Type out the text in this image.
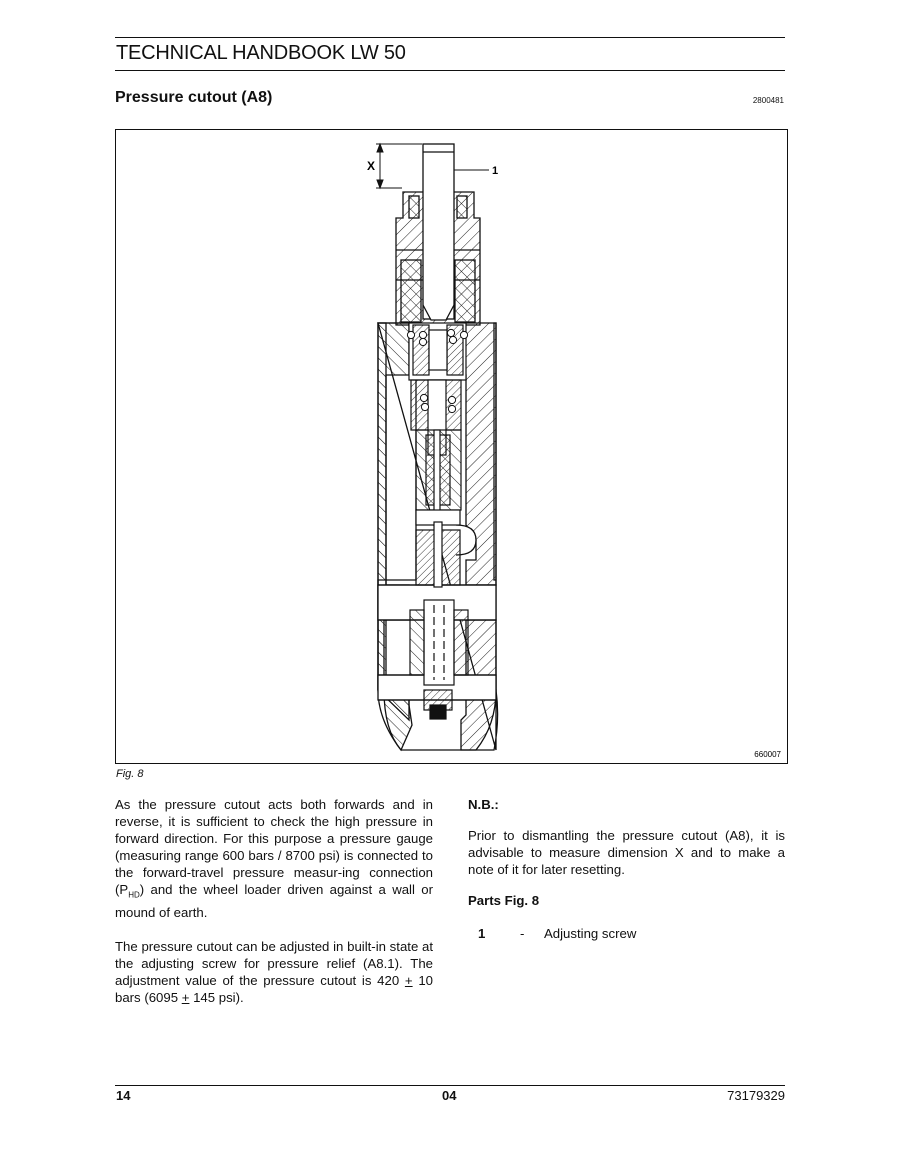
TECHNICAL HANDBOOK LW 50
Pressure cutout (A8)	2800481
X	1
660007
Fig. 8

As the pressure cutout acts both forwards and in reverse, it is sufficient to check the high pressure in forward direction. For this purpose a pressure gauge (measuring range 600 bars / 8700 psi) is connected to the forward-travel pressure measur-ing connection $(P_{HD})$ and the wheel loader driven against a wall or mound of earth.

The pressure cutout can be adjusted in built-in state at the adjusting screw for pressure relief (A8.1). The adjustment value of the pressure cutout is 420 + 10 bars (6095 + 145 psi).

N.B.:

Prior to dismantling the pressure cutout (A8), it is advisable to measure dimension X and to make a note of it for later resetting.

Parts Fig. 8

1	-	Adjusting screw
14	04	73179329
